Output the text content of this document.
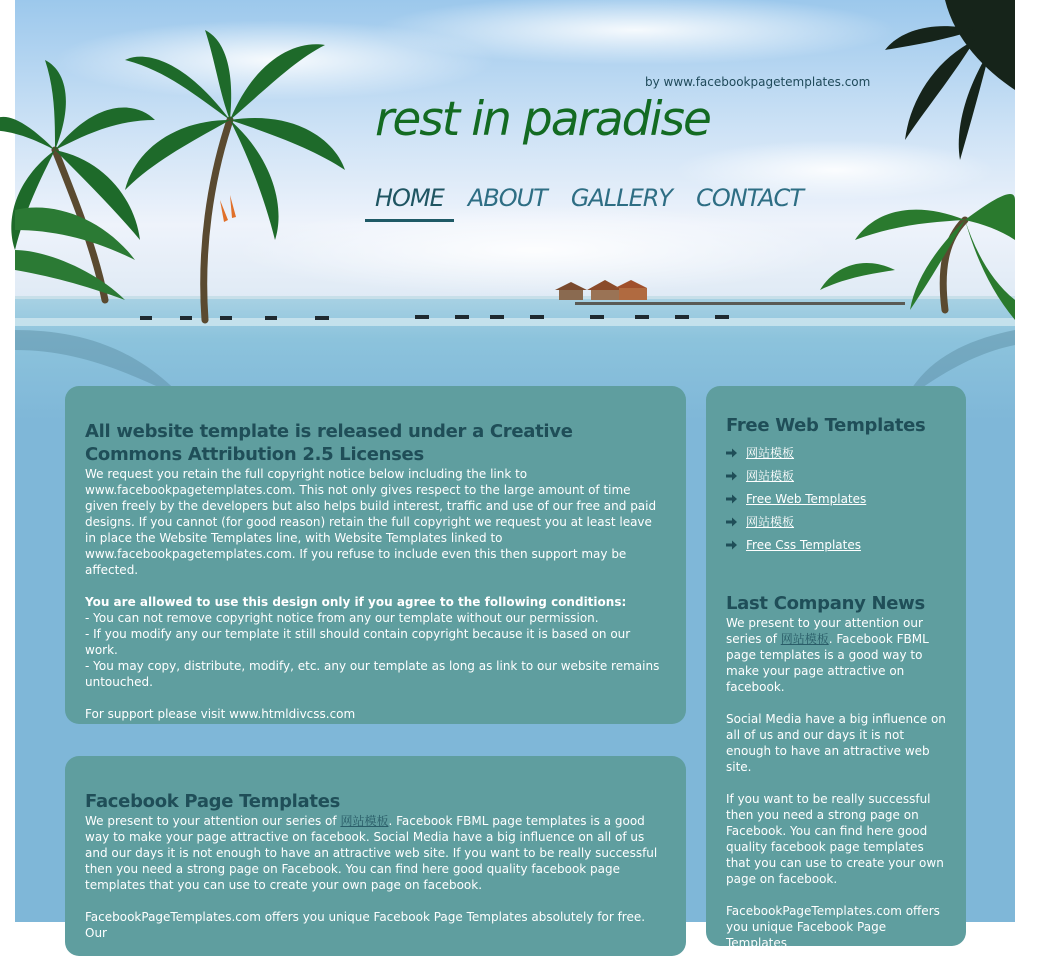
by www.facebookpagetemplates.com
rest in paradise
HOME	ABOUT	GALLERY	CONTACT
All website template is released under a Creative Commons Attribution 2.5 Licenses

We request you retain the full copyright notice below including the link to www.facebookpagetemplates.com. This not only gives respect to the large amount of time given freely by the developers but also helps build interest, traffic and use of our free and paid designs. If you cannot (for good reason) retain the full copyright we request you at least leave in place the Website Templates line, with Website Templates linked to www.facebookpagetemplates.com. If you refuse to include even this then support may be affected.

You are allowed to use this design only if you agree to the following conditions:

- You can not remove copyright notice from any our template without our permission.

- If you modify any our template it still should contain copyright because it is based on our work.

- You may copy, distribute, modify, etc. any our template as long as link to our website remains untouched.

For support please visit www.htmldivcss.com

Facebook Page Templates

We present to your attention our series of 网站模板. Facebook FBML page templates is a good way to make your page attractive on facebook. Social Media have a big influence on all of us and our days it is not enough to have an attractive web site. If you want to be really successful then you need a strong page on Facebook. You can find here good quality facebook page templates that you can use to create your own page on facebook.

FacebookPageTemplates.com offers you unique Facebook Page Templates absolutely for free. Our

Free Web Templates
网站模板
网站模板
Free Web Templates
网站模板
Free Css Templates
Last Company News

We present to your attention our series of 网站模板. Facebook FBML page templates is a good way to make your page attractive on facebook.

Social Media have a big influence on all of us and our days it is not enough to have an attractive web site.

If you want to be really successful then you need a strong page on Facebook. You can find here good quality facebook page templates that you can use to create your own page on facebook.

FacebookPageTemplates.com offers you unique Facebook Page Templates
